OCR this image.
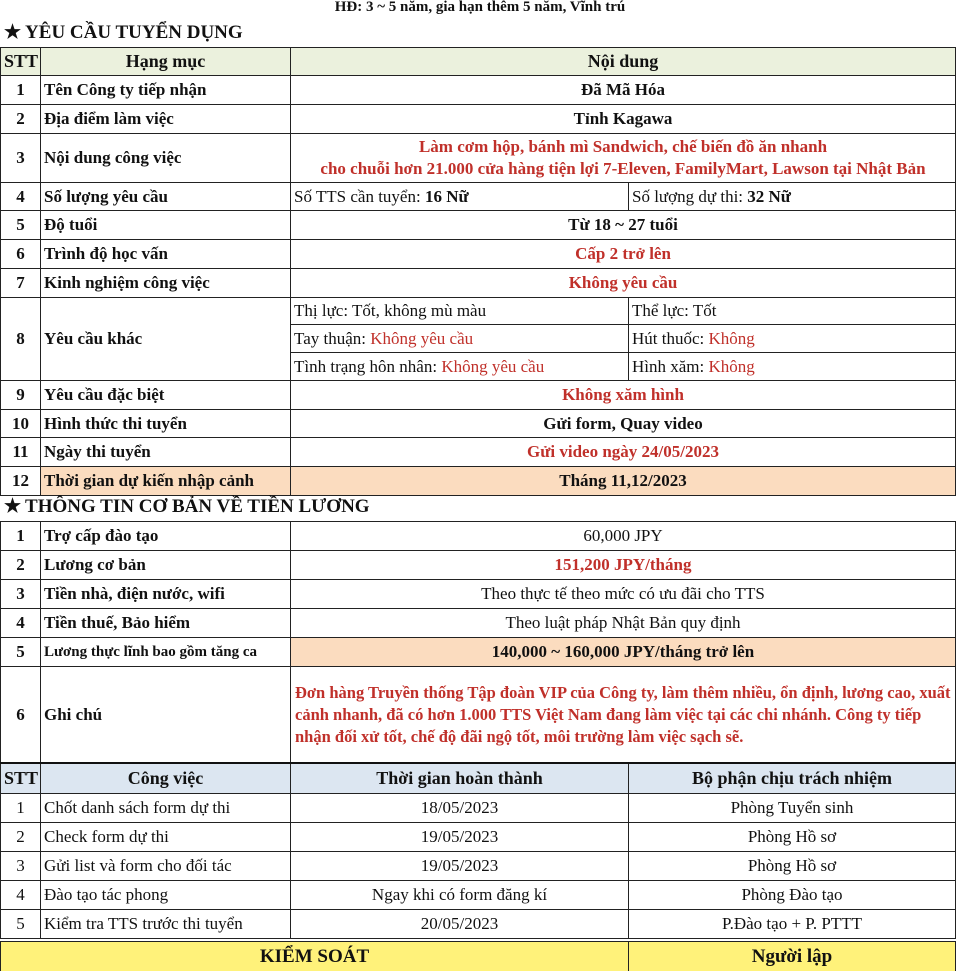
HĐ: 3 ~ 5 năm, gia hạn thêm 5 năm, Vĩnh trú
★ YÊU CẦU TUYỂN DỤNG
STT	Hạng mục	Nội dung	
1	Tên Công ty tiếp nhận	Đã Mã Hóa	
2	Địa điểm làm việc	Tỉnh Kagawa	
3	Nội dung công việc	Làm cơm hộp, bánh mì Sandwich, chế biến đồ ăn nhanh
cho chuỗi hơn 21.000 cửa hàng tiện lợi 7-Eleven, FamilyMart, Lawson tại Nhật Bản	

4	Số lượng yêu cầu	Số TTS cần tuyển: 16 Nữ	Số lượng dự thi: 32 Nữ
5	Độ tuổi	Từ 18 ~ 27 tuổi	
6	Trình độ học vấn	Cấp 2 trở lên	
7	Kinh nghiệm công việc	Không yêu cầu	
8	Yêu cầu khác	Thị lực: Tốt, không mù màu	Thể lực: Tốt
		Tay thuận: Không yêu cầu	Hút thuốc: Không
		Tình trạng hôn nhân: Không yêu cầu	Hình xăm: Không
9	Yêu cầu đặc biệt	Không xăm hình	
10	Hình thức thi tuyển	Gửi form, Quay video	
11	Ngày thi tuyển	Gửi video ngày 24/05/2023	
12	Thời gian dự kiến nhập cảnh	Tháng 11,12/2023	
★ THÔNG TIN CƠ BẢN VỀ TIỀN LƯƠNG
1	Trợ cấp đào tạo	60,000 JPY
2	Lương cơ bản	151,200 JPY/tháng
3	Tiền nhà, điện nước, wifi	Theo thực tế theo mức có ưu đãi cho TTS
4	Tiền thuế, Bảo hiểm	Theo luật pháp Nhật Bản quy định
5	Lương thực lĩnh bao gồm tăng ca	140,000 ~ 160,000 JPY/tháng trở lên
6	Ghi chú	Đơn hàng Truyền thống Tập đoàn VIP của Công ty, làm thêm nhiều, ổn định, lương cao, xuất cảnh nhanh, đã có hơn 1.000 TTS Việt Nam đang làm việc tại các chi nhánh. Công ty tiếp nhận đối xử tốt, chế độ đãi ngộ tốt, môi trường làm việc sạch sẽ.
STT	Công việc	Thời gian hoàn thành	Bộ phận chịu trách nhiệm
1	Chốt danh sách form dự thi	18/05/2023	Phòng Tuyển sinh
2	Check form dự thi	19/05/2023	Phòng Hồ sơ
3	Gửi list và form cho đối tác	19/05/2023	Phòng Hồ sơ
4	Đào tạo tác phong	Ngay khi có form đăng kí	Phòng Đào tạo
5	Kiểm tra TTS trước thi tuyển	20/05/2023	P.Đào tạo + P. PTTT
KIỂM SOÁT	Người lập
